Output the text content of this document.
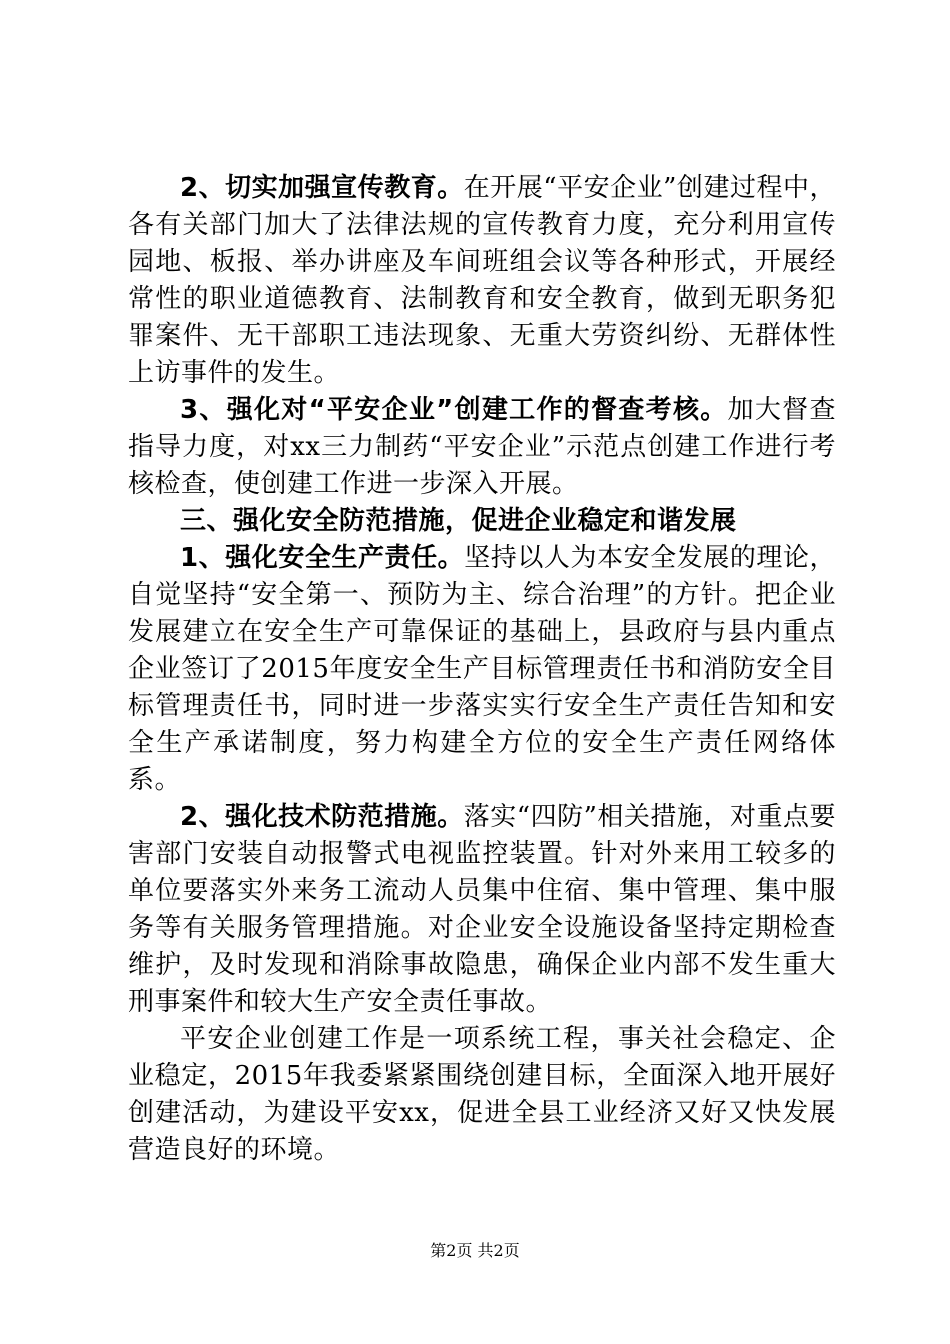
2、切实加强宣传教育。在开展“平安企业”创建过程中，各有关部门加大了法律法规的宣传教育力度，充分利用宣传园地、板报、举办讲座及车间班组会议等各种形式，开展经常性的职业道德教育、法制教育和安全教育，做到无职务犯罪案件、无干部职工违法现象、无重大劳资纠纷、无群体性上访事件的发生。

3、强化对“平安企业”创建工作的督查考核。加大督查指导力度，对xx三力制药“平安企业”示范点创建工作进行考核检查，使创建工作进一步深入开展。

三、强化安全防范措施，促进企业稳定和谐发展

1、强化安全生产责任。坚持以人为本安全发展的理论，自觉坚持“安全第一、预防为主、综合治理”的方针。把企业发展建立在安全生产可靠保证的基础上，县政府与县内重点企业签订了2015年度安全生产目标管理责任书和消防安全目标管理责任书，同时进一步落实实行安全生产责任告知和安全生产承诺制度，努力构建全方位的安全生产责任网络体系。

2、强化技术防范措施。落实“四防”相关措施，对重点要害部门安装自动报警式电视监控装置。针对外来用工较多的单位要落实外来务工流动人员集中住宿、集中管理、集中服务等有关服务管理措施。对企业安全设施设备坚持定期检查维护，及时发现和消除事故隐患，确保企业内部不发生重大刑事案件和较大生产安全责任事故。

平安企业创建工作是一项系统工程，事关社会稳定、企业稳定，2015年我委紧紧围绕创建目标，全面深入地开展好创建活动，为建设平安xx，促进全县工业经济又好又快发展营造良好的环境。

第2页 共2页
